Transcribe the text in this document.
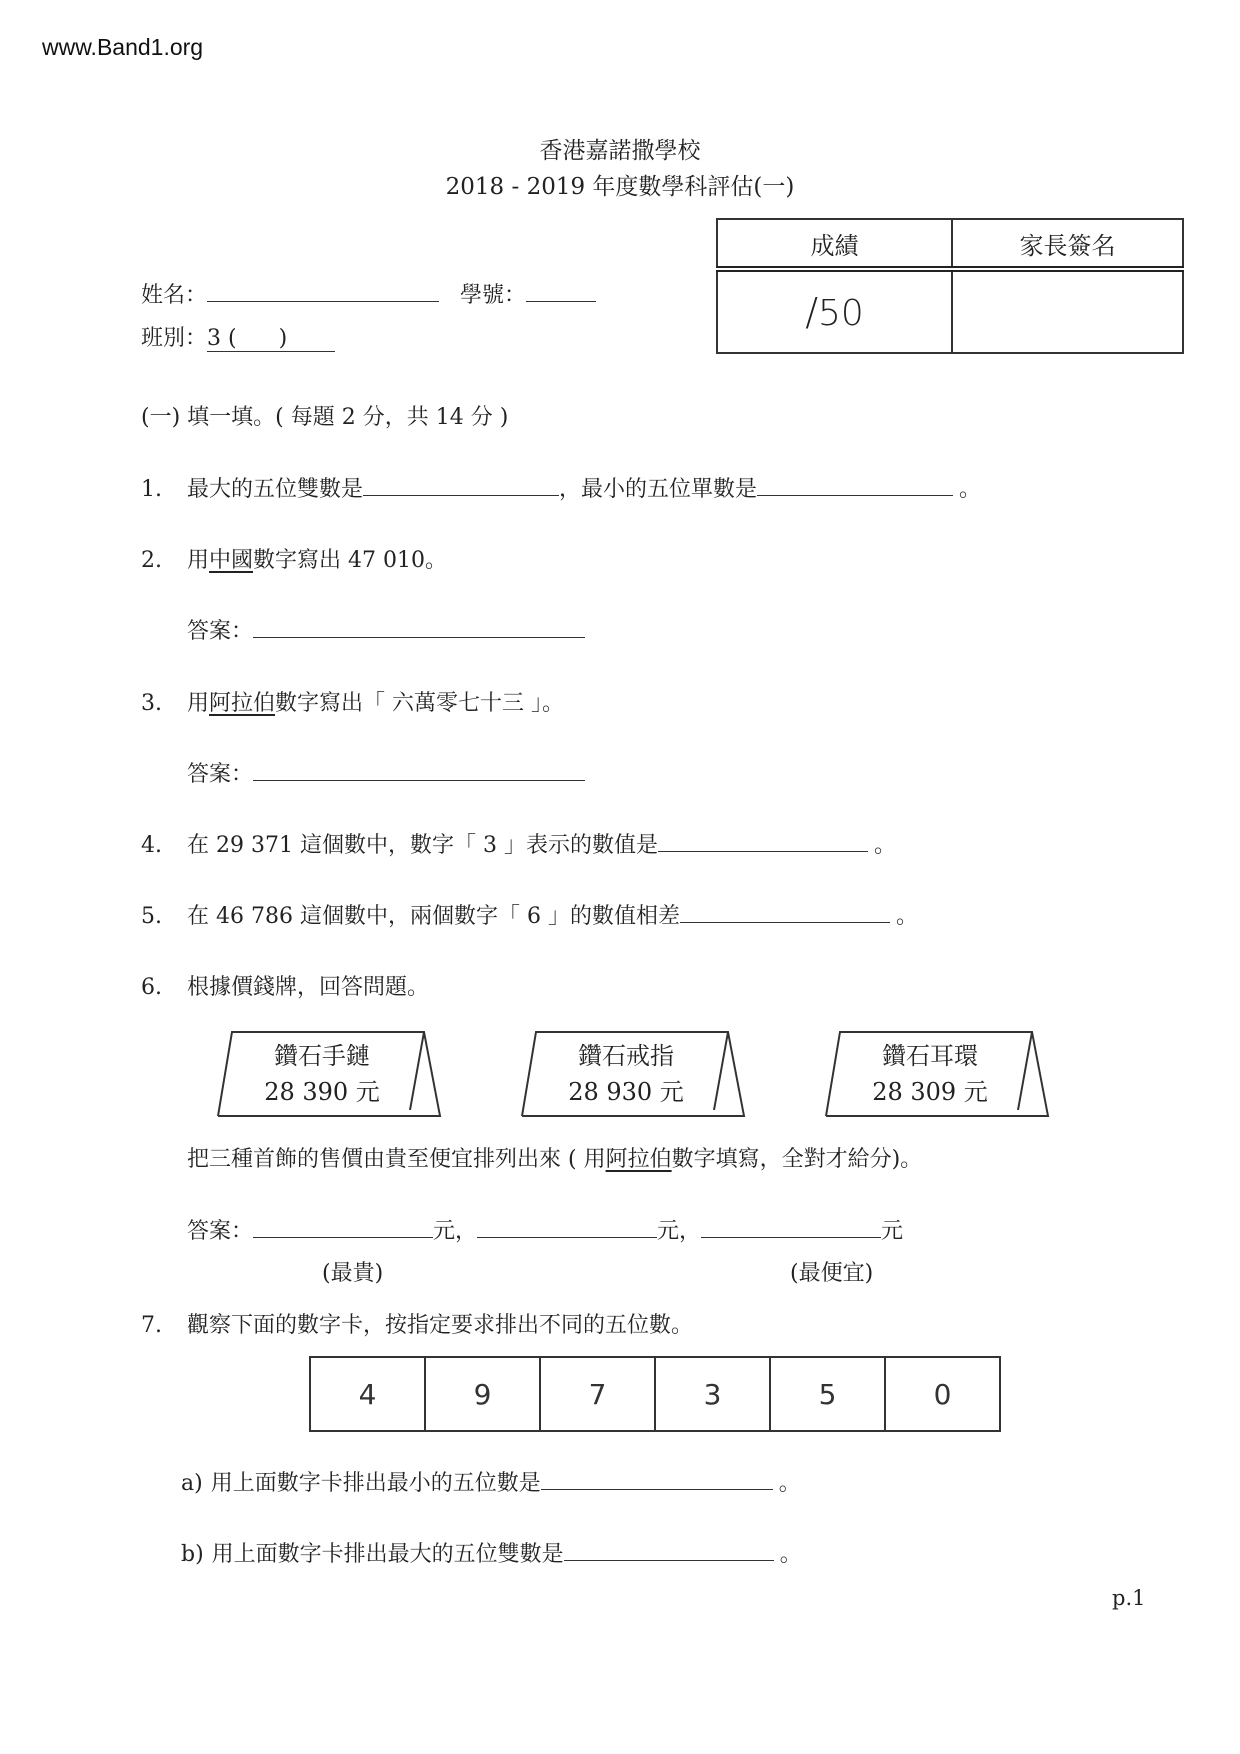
www.Band1.org
香港嘉諾撒學校
2018 - 2019 年度數學科評估(一)
姓名：	學號：
班別：3 ( )
成績	家長簽名
/50	
(一) 填一填。( 每題 2 分，共 14 分 )
1. 最大的五位雙數是	，最小的五位單數是	。
2. 用中國數字寫出 47 010。
答案：
3. 用阿拉伯數字寫出「 六萬零七十三 」。
答案：
4. 在 29 371 這個數中，數字「 3 」表示的數值是	。
5. 在 46 786 這個數中，兩個數字「 6 」的數值相差	。
6. 根據價錢牌，回答問題。
鑽石手鏈
28 390 元
鑽石戒指
28 930 元
鑽石耳環
28 309 元
把三種首飾的售價由貴至便宜排列出來 ( 用阿拉伯數字填寫，全對才給分)。
答案：	元，	元，	元
(最貴)	(最便宜)
7. 觀察下面的數字卡，按指定要求排出不同的五位數。
4	9	7	3	5	0
a) 用上面數字卡排出最小的五位數是	。
b) 用上面數字卡排出最大的五位雙數是	。
p.1
